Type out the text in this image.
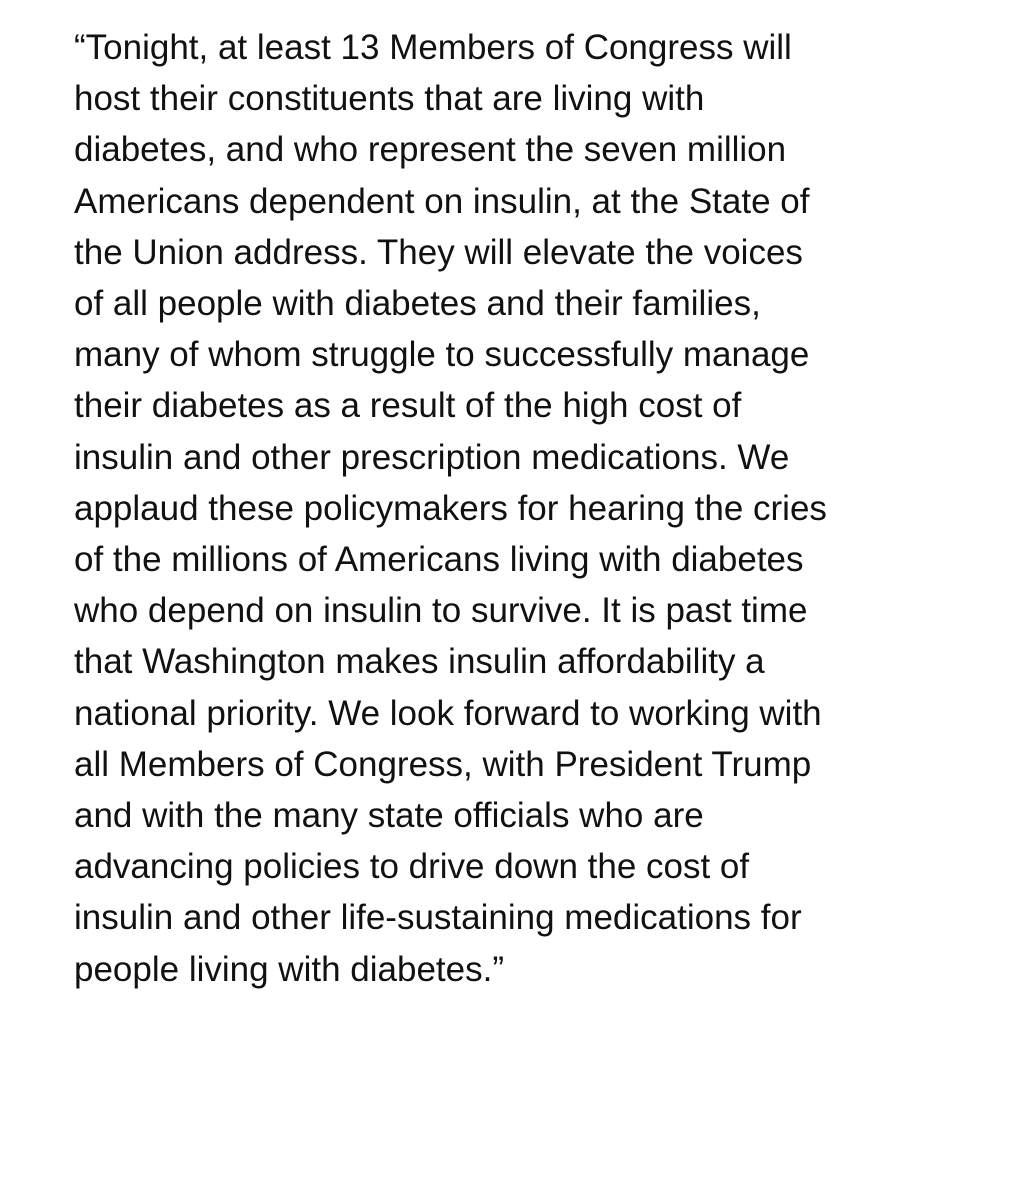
“Tonight, at least 13 Members of Congress will
host their constituents that are living with
diabetes, and who represent the seven million
Americans dependent on insulin, at the State of
the Union address. They will elevate the voices
of all people with diabetes and their families,
many of whom struggle to successfully manage
their diabetes as a result of the high cost of
insulin and other prescription medications. We
applaud these policymakers for hearing the cries
of the millions of Americans living with diabetes
who depend on insulin to survive. It is past time
that Washington makes insulin affordability a
national priority. We look forward to working with
all Members of Congress, with President Trump
and with the many state officials who are
advancing policies to drive down the cost of
insulin and other life-sustaining medications for
people living with diabetes.”
